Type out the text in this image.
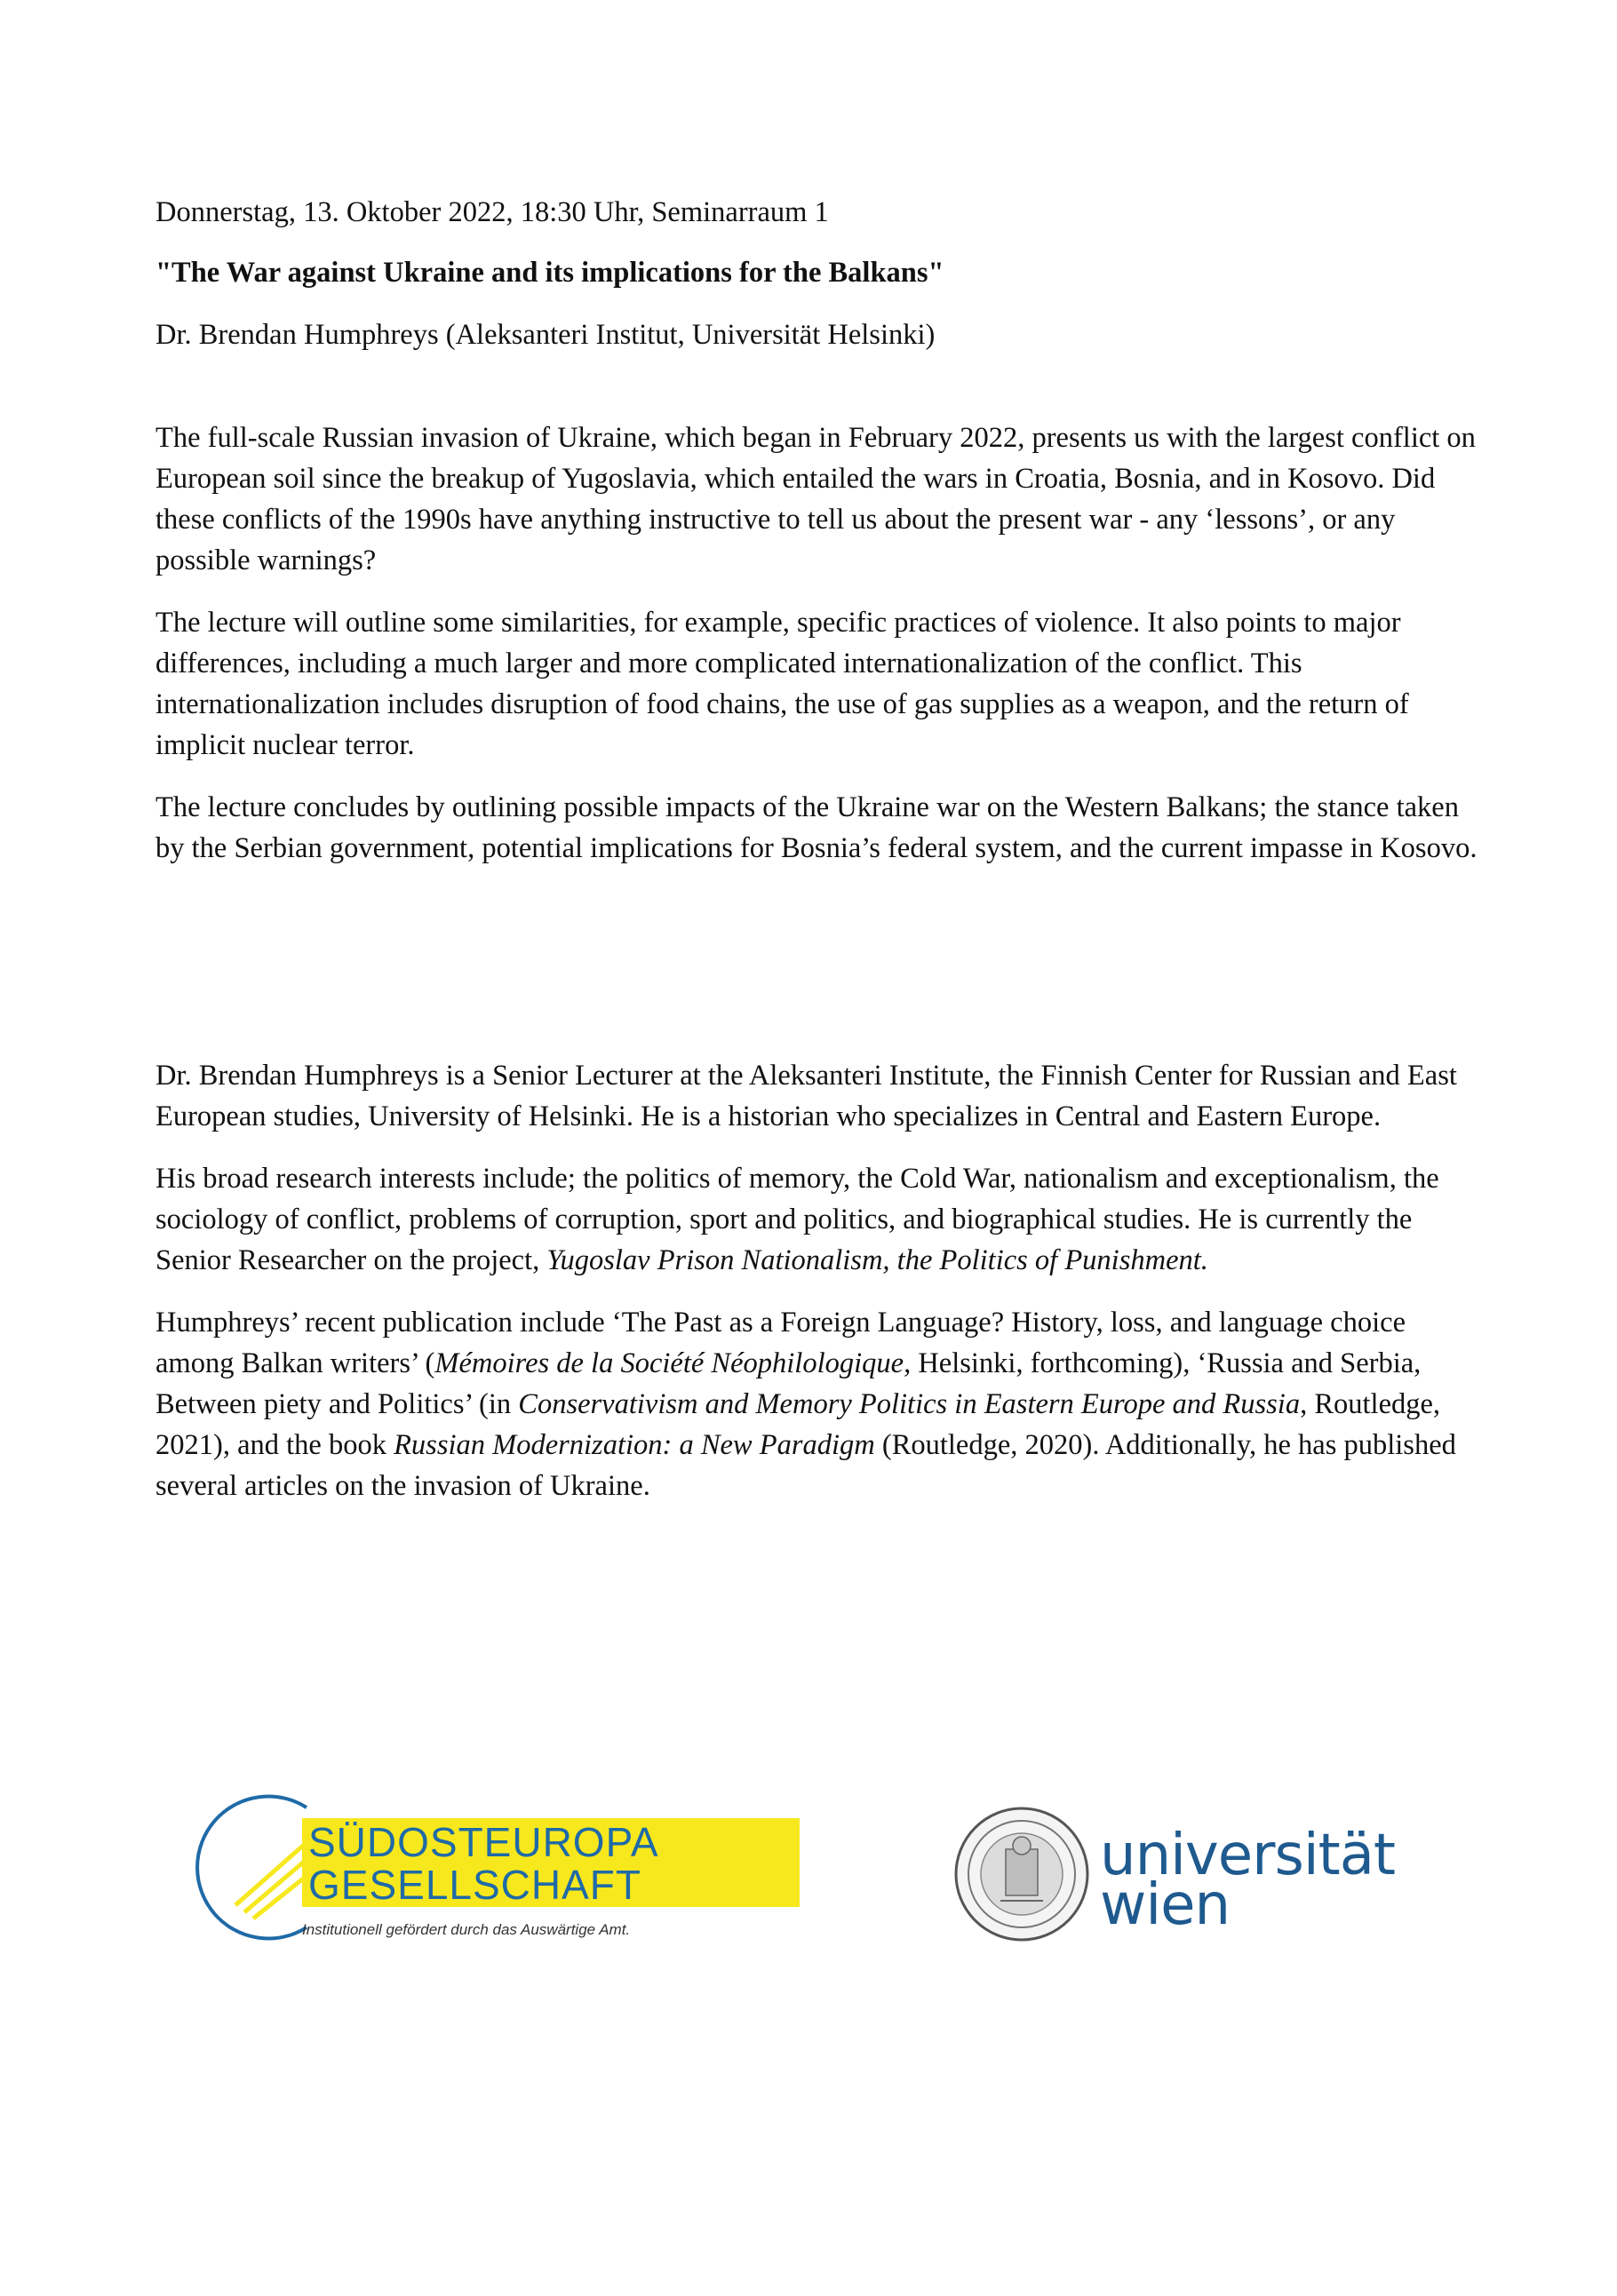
Donnerstag, 13. Oktober 2022, 18:30 Uhr, Seminarraum 1
"The War against Ukraine and its implications for the Balkans"
Dr. Brendan Humphreys (Aleksanteri Institut, Universität Helsinki)

The full-scale Russian invasion of Ukraine, which began in February 2022, presents us with the largest conflict on European soil since the breakup of Yugoslavia, which entailed the wars in Croatia, Bosnia, and in Kosovo. Did these conflicts of the 1990s have anything instructive to tell us about the present war - any ‘lessons’, or any possible warnings?

The lecture will outline some similarities, for example, specific practices of violence. It also points to major differences, including a much larger and more complicated internationalization of the conflict. This internationalization includes disruption of food chains, the use of gas supplies as a weapon, and the return of implicit nuclear terror.

The lecture concludes by outlining possible impacts of the Ukraine war on the Western Balkans; the stance taken by the Serbian government, potential implications for Bosnia’s federal system, and the current impasse in Kosovo.

Dr. Brendan Humphreys is a Senior Lecturer at the Aleksanteri Institute, the Finnish Center for Russian and East European studies, University of Helsinki. He is a historian who specializes in Central and Eastern Europe.

His broad research interests include; the politics of memory, the Cold War, nationalism and exceptionalism, the sociology of conflict, problems of corruption, sport and politics, and biographical studies. He is currently the Senior Researcher on the project, Yugoslav Prison Nationalism, the Politics of Punishment.

Humphreys’ recent publication include ‘The Past as a Foreign Language? History, loss, and language choice among Balkan writers’ (Mémoires de la Société Néophilologique, Helsinki, forthcoming), ‘Russia and Serbia, Between piety and Politics’ (in Conservativism and Memory Politics in Eastern Europe and Russia, Routledge, 2021), and the book Russian Modernization: a New Paradigm (Routledge, 2020). Additionally, he has published several articles on the invasion of Ukraine.

SÜDOSTEUROPA
GESELLSCHAFT
Institutionell gefördert durch das Auswärtige Amt.
universität
wien
